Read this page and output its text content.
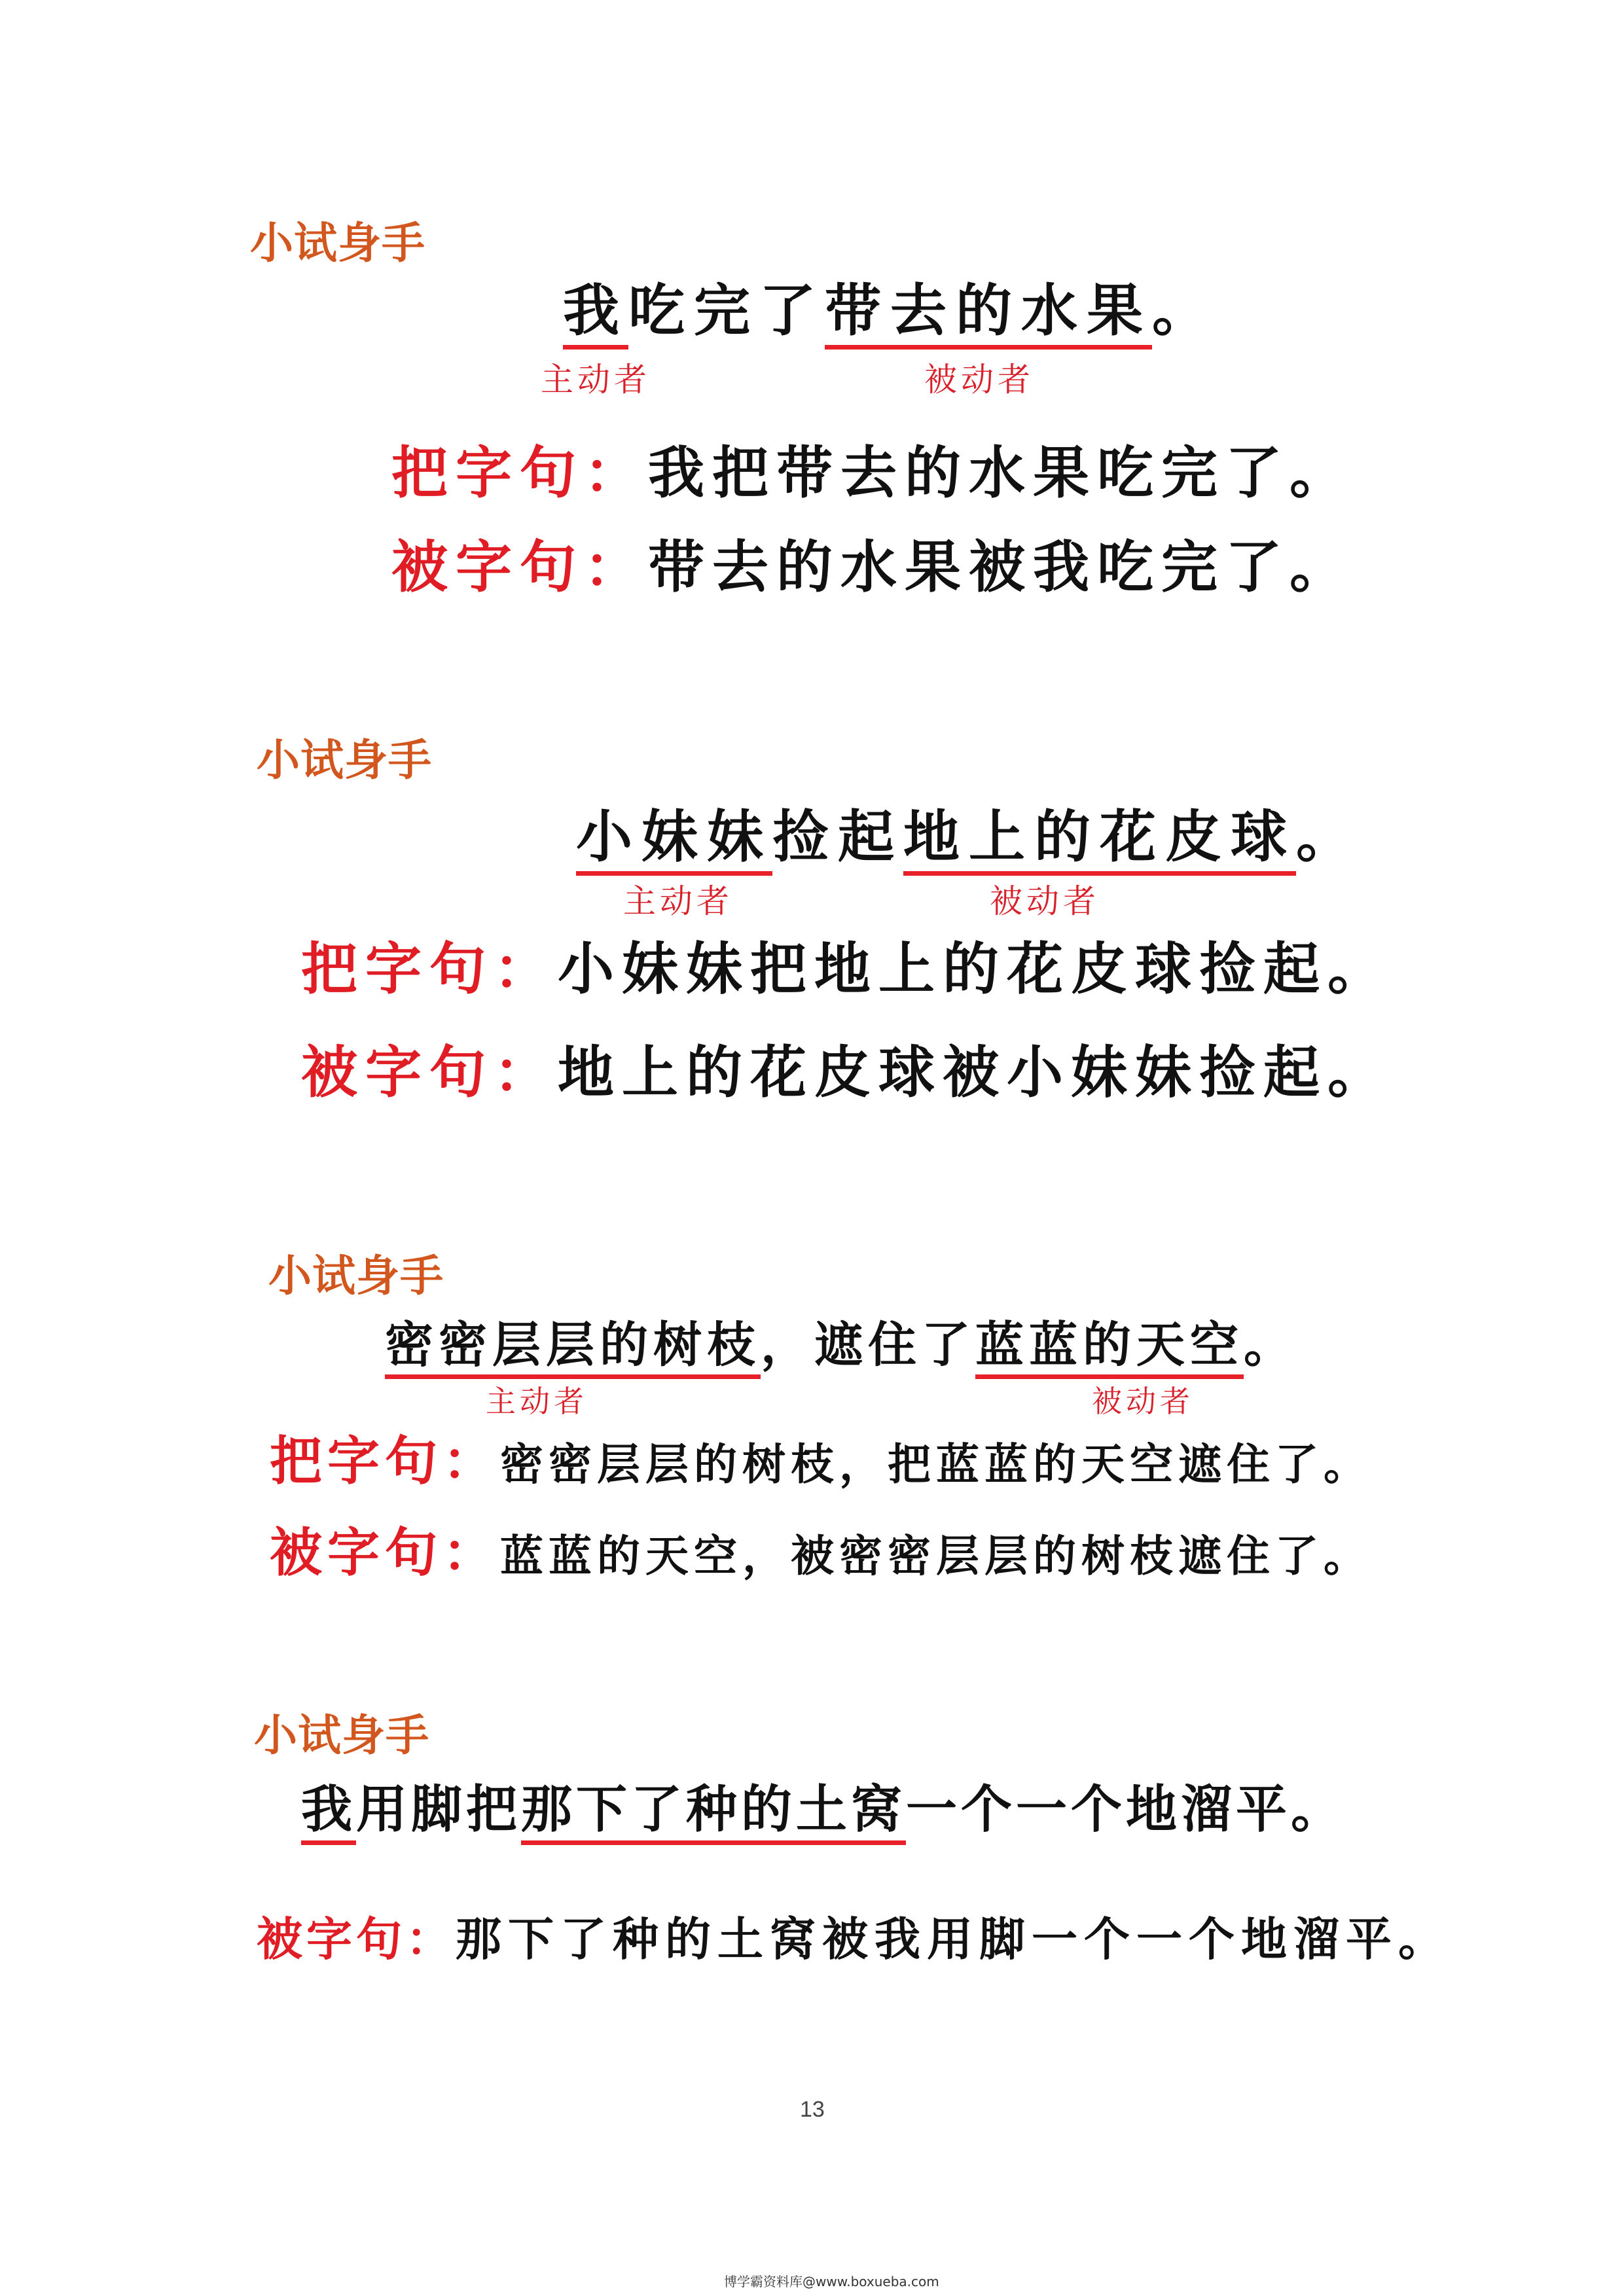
小试身手
我吃完了带去的水果。
主动者	被动者
把字句：我把带去的水果吃完了。
被字句：带去的水果被我吃完了。
小试身手
小妹妹捡起地上的花皮球。
主动者	被动者
把字句：小妹妹把地上的花皮球捡起。
被字句：地上的花皮球被小妹妹捡起。
小试身手
密密层层的树枝，遮住了蓝蓝的天空。
主动者	被动者
把字句：密密层层的树枝，把蓝蓝的天空遮住了。
被字句：蓝蓝的天空，被密密层层的树枝遮住了。
小试身手
我用脚把那下了种的土窝一个一个地溜平。
被字句：那下了种的土窝被我用脚一个一个地溜平。
13
博学霸资料库@www.boxueba.com
